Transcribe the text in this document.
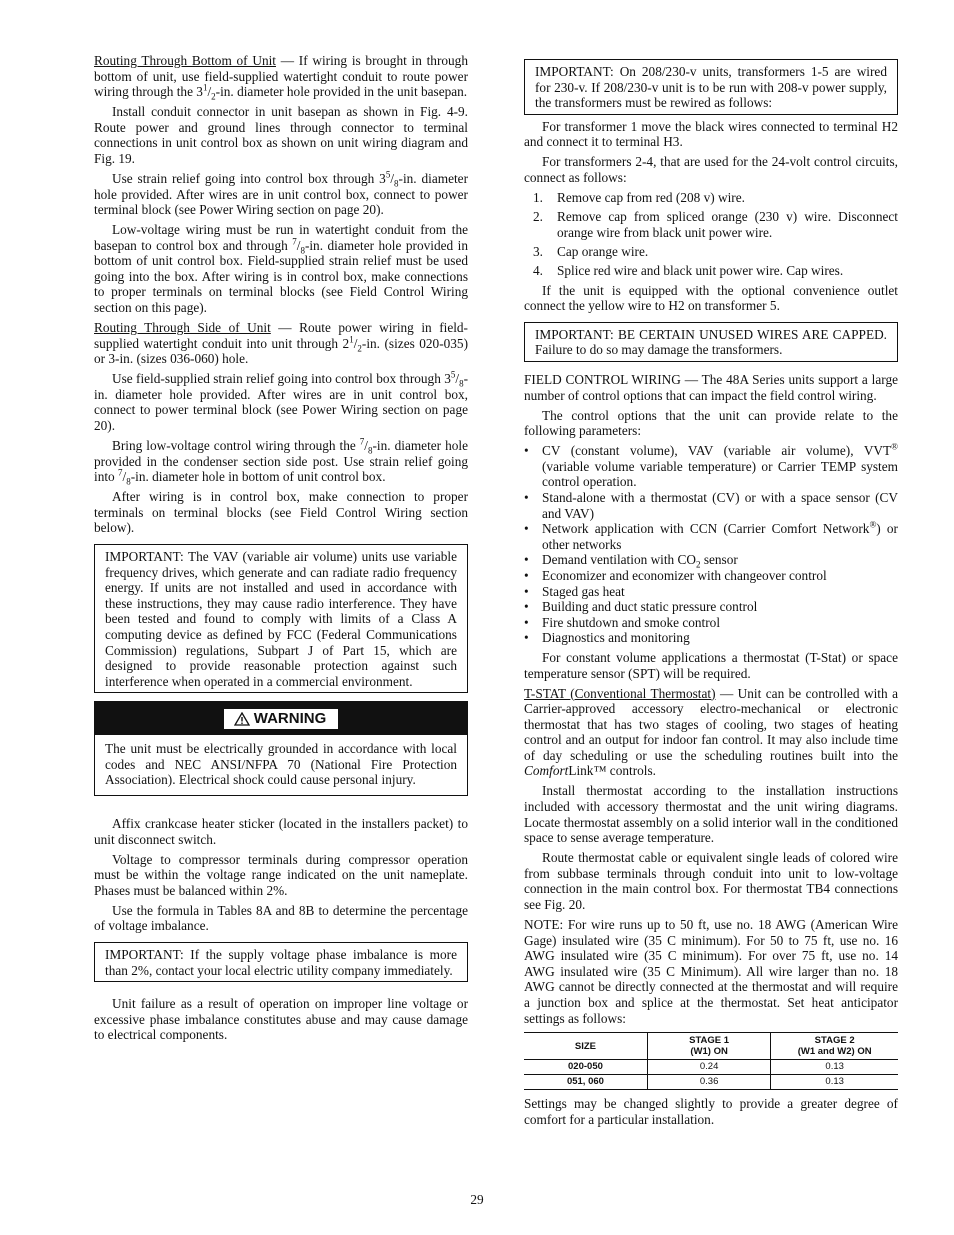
Routing Through Bottom of Unit — If wiring is brought in through bottom of unit, use field-supplied watertight conduit to route power wiring through the $3^1/_2-in$. diameter hole provided in the unit basepan.

Install conduit connector in unit basepan as shown in Fig. 4-9. Route power and ground lines through connector to terminal connections in unit control box as shown on unit wiring diagram and Fig. 19.

Use strain relief going into control box through $3^5/_8-in$. diameter hole provided. After wires are in unit control box, connect to power terminal block (see Power Wiring section on page 20).

Low-voltage wiring must be run in watertight conduit from the basepan to control box and through $^7/_8-in$. diameter hole provided in bottom of unit control box. Field-supplied strain relief must be used going into the box. After wiring is in control box, make connections to proper terminals on terminal blocks (see Field Control Wiring section on this page).

Routing Through Side of Unit — Route power wiring in field-supplied watertight conduit into unit through $2^1/_2-in$. (sizes 020-035) or 3-in. (sizes 036-060) hole.

Use field-supplied strain relief going into control box through $3^5/_8-in$. diameter hole provided. After wires are in unit control box, connect to power terminal block (see Power Wiring section on page 20).

Bring low-voltage control wiring through the $^7/_8-in$. diameter hole provided in the condenser section side post. Use strain relief going into $^7/_8-in$. diameter hole in bottom of unit control box.

After wiring is in control box, make connection to proper terminals on terminal blocks (see Field Control Wiring section below).

IMPORTANT: The VAV (variable air volume) units use variable frequency drives, which generate and can radiate radio frequency energy. If units are not installed and used in accordance with these instructions, they may cause radio interference. They have been tested and found to comply with limits of a Class A computing device as defined by FCC (Federal Communications Commission) regulations, Subpart J of Part 15, which are designed to provide reasonable protection against such interference when operated in a commercial environment.

WARNING

The unit must be electrically grounded in accordance with local codes and NEC ANSI/NFPA 70 (National Fire Protection Association). Electrical shock could cause personal injury.

Affix crankcase heater sticker (located in the installers packet) to unit disconnect switch.

Voltage to compressor terminals during compressor operation must be within the voltage range indicated on the unit nameplate. Phases must be balanced within 2%.

Use the formula in Tables 8A and 8B to determine the percentage of voltage imbalance.

IMPORTANT: If the supply voltage phase imbalance is more than 2%, contact your local electric utility company immediately.

Unit failure as a result of operation on improper line voltage or excessive phase imbalance constitutes abuse and may cause damage to electrical components.

IMPORTANT: On 208/230-v units, transformers 1-5 are wired for 230-v. If 208/230-v unit is to be run with 208-v power supply, the transformers must be rewired as follows:

For transformer 1 move the black wires connected to terminal H2 and connect it to terminal H3.

For transformers 2-4, that are used for the 24-volt control circuits, connect as follows:

1. Remove cap from red (208 v) wire.
2. Remove cap from spliced orange (230 v) wire. Disconnect orange wire from black unit power wire.
3. Cap orange wire.
4. Splice red wire and black unit power wire. Cap wires.

If the unit is equipped with the optional convenience outlet connect the yellow wire to H2 on transformer 5.

IMPORTANT: BE CERTAIN UNUSED WIRES ARE CAPPED. Failure to do so may damage the transformers.

FIELD CONTROL WIRING — The 48A Series units support a large number of control options that can impact the field control wiring.

The control options that the unit can provide relate to the following parameters:

• CV (constant volume), VAV (variable air volume), VVT® (variable volume variable temperature) or Carrier TEMP system control operation.
• Stand-alone with a thermostat (CV) or with a space sensor (CV and VAV)
• Network application with CCN (Carrier Comfort Network®) or other networks
• Demand ventilation with $CO_2$ sensor
• Economizer and economizer with changeover control
• Staged gas heat
• Building and duct static pressure control
• Fire shutdown and smoke control
• Diagnostics and monitoring

For constant volume applications a thermostat (T-Stat) or space temperature sensor (SPT) will be required.

T-STAT (Conventional Thermostat) — Unit can be controlled with a Carrier-approved accessory electro-mechanical or electronic thermostat that has two stages of cooling, two stages of heating control and an output for indoor fan control. It may also include time of day scheduling or use the scheduling routines built into the ComfortLink™ controls.

Install thermostat according to the installation instructions included with accessory thermostat and the unit wiring diagrams. Locate thermostat assembly on a solid interior wall in the conditioned space to sense average temperature.

Route thermostat cable or equivalent single leads of colored wire from subbase terminals through conduit into unit to low-voltage connection in the main control box. For thermostat TB4 connections see Fig. 20.

NOTE: For wire runs up to 50 ft, use no. 18 AWG (American Wire Gage) insulated wire (35 C minimum). For 50 to 75 ft, use no. 16 AWG insulated wire (35 C minimum). For over 75 ft, use no. 14 AWG insulated wire (35 C Minimum). All wire larger than no. 18 AWG cannot be directly connected at the thermostat and will require a junction box and splice at the thermostat. Set heat anticipator settings as follows:

SIZE	STAGE 1
(W1) ON	STAGE 2
(W1 and W2) ON
020-050	0.24	0.13
051, 060	0.36	0.13

Settings may be changed slightly to provide a greater degree of comfort for a particular installation.

29
